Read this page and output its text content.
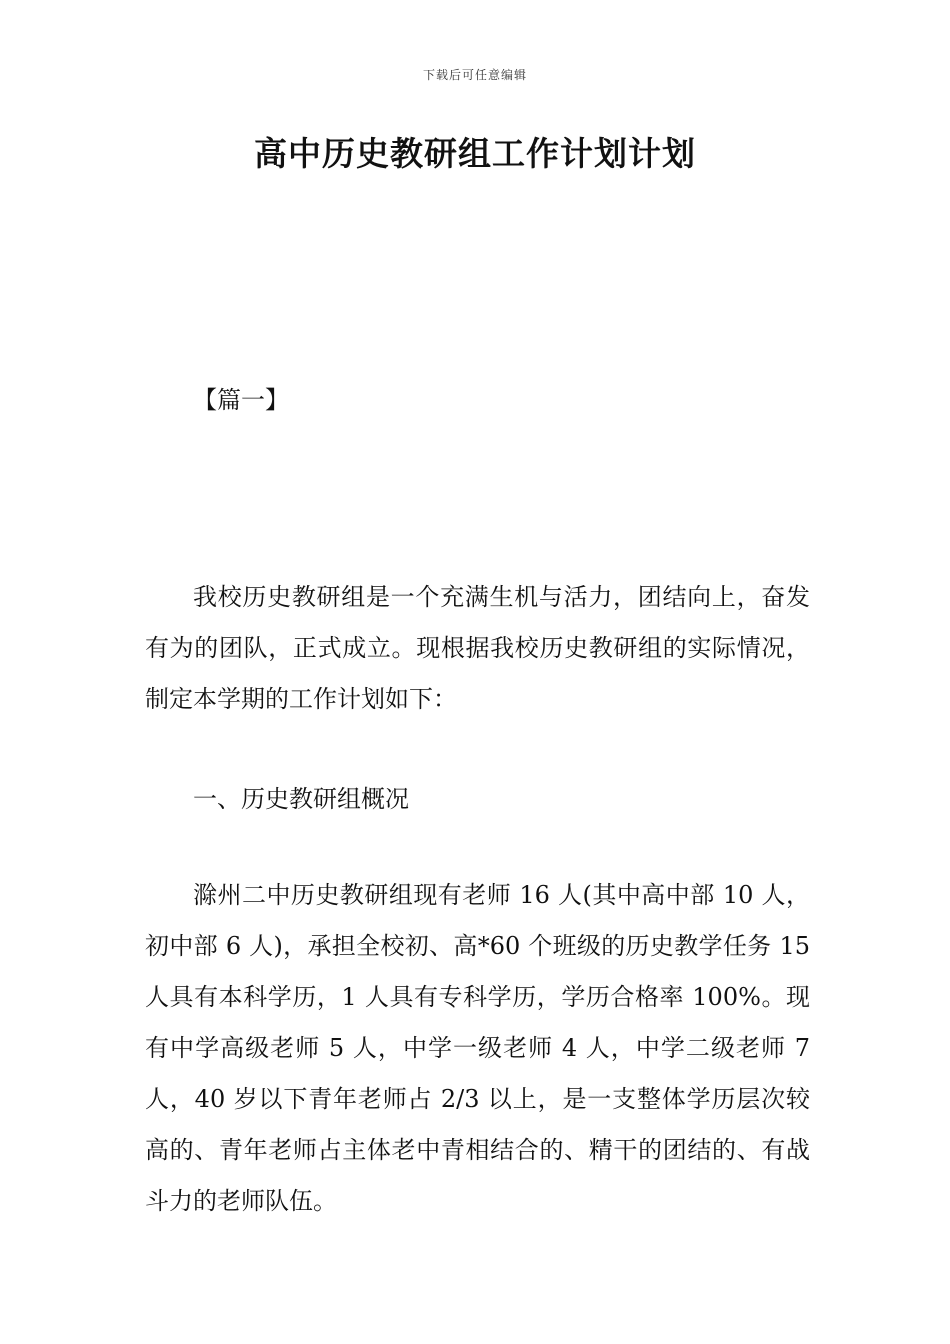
下载后可任意编辑
高中历史教研组工作计划计划
【篇一】

我校历史教研组是一个充满生机与活力，团结向上，奋发有为的团队，正式成立。现根据我校历史教研组的实际情况，制定本学期的工作计划如下：

一、历史教研组概况

滁州二中历史教研组现有老师 16 人(其中高中部 10 人，初中部 6 人)，承担全校初、高*60 个班级的历史教学任务 15 人具有本科学历，1 人具有专科学历，学历合格率 100%。现有中学高级老师 5 人，中学一级老师 4 人，中学二级老师 7 人，40 岁以下青年老师占 2/3 以上，是一支整体学历层次较高的、青年老师占主体老中青相结合的、精干的团结的、有战斗力的老师队伍。
